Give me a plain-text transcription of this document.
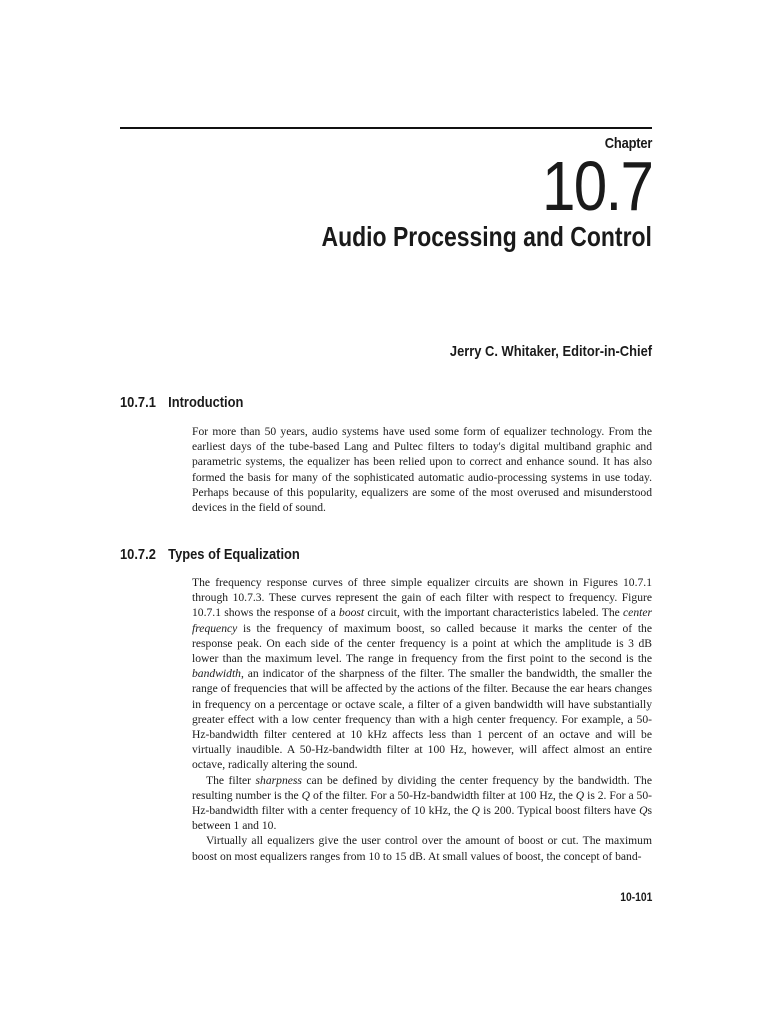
Chapter
10.7
Audio Processing and Control
Jerry C. Whitaker, Editor-in-Chief
10.7.1 Introduction

For more than 50 years, audio systems have used some form of equalizer technology. From the earliest days of the tube-based Lang and Pultec filters to today's digital multiband graphic and parametric systems, the equalizer has been relied upon to correct and enhance sound. It has also formed the basis for many of the sophisticated automatic audio-processing systems in use today. Perhaps because of this popularity, equalizers are some of the most overused and misunderstood devices in the field of sound.

10.7.2 Types of Equalization

The frequency response curves of three simple equalizer circuits are shown in Figures 10.7.1 through 10.7.3. These curves represent the gain of each filter with respect to frequency. Figure 10.7.1 shows the response of a boost circuit, with the important characteristics labeled. The center frequency is the frequency of maximum boost, so called because it marks the center of the response peak. On each side of the center frequency is a point at which the amplitude is 3 dB lower than the maximum level. The range in frequency from the first point to the second is the bandwidth, an indicator of the sharpness of the filter. The smaller the bandwidth, the smaller the range of frequencies that will be affected by the actions of the filter. Because the ear hears changes in frequency on a percentage or octave scale, a filter of a given bandwidth will have substantially greater effect with a low center frequency than with a high center frequency. For example, a 50-Hz-bandwidth filter centered at 10 kHz affects less than 1 percent of an octave and will be virtually inaudible. A 50-Hz-bandwidth filter at 100 Hz, however, will affect almost an entire octave, radically altering the sound.

The filter sharpness can be defined by dividing the center frequency by the bandwidth. The resulting number is the Q of the filter. For a 50-Hz-bandwidth filter at 100 Hz, the Q is 2. For a 50-Hz-bandwidth filter with a center frequency of 10 kHz, the Q is 200. Typical boost filters have Qs between 1 and 10.

Virtually all equalizers give the user control over the amount of boost or cut. The maximum boost on most equalizers ranges from 10 to 15 dB. At small values of boost, the concept of band-

10-101
